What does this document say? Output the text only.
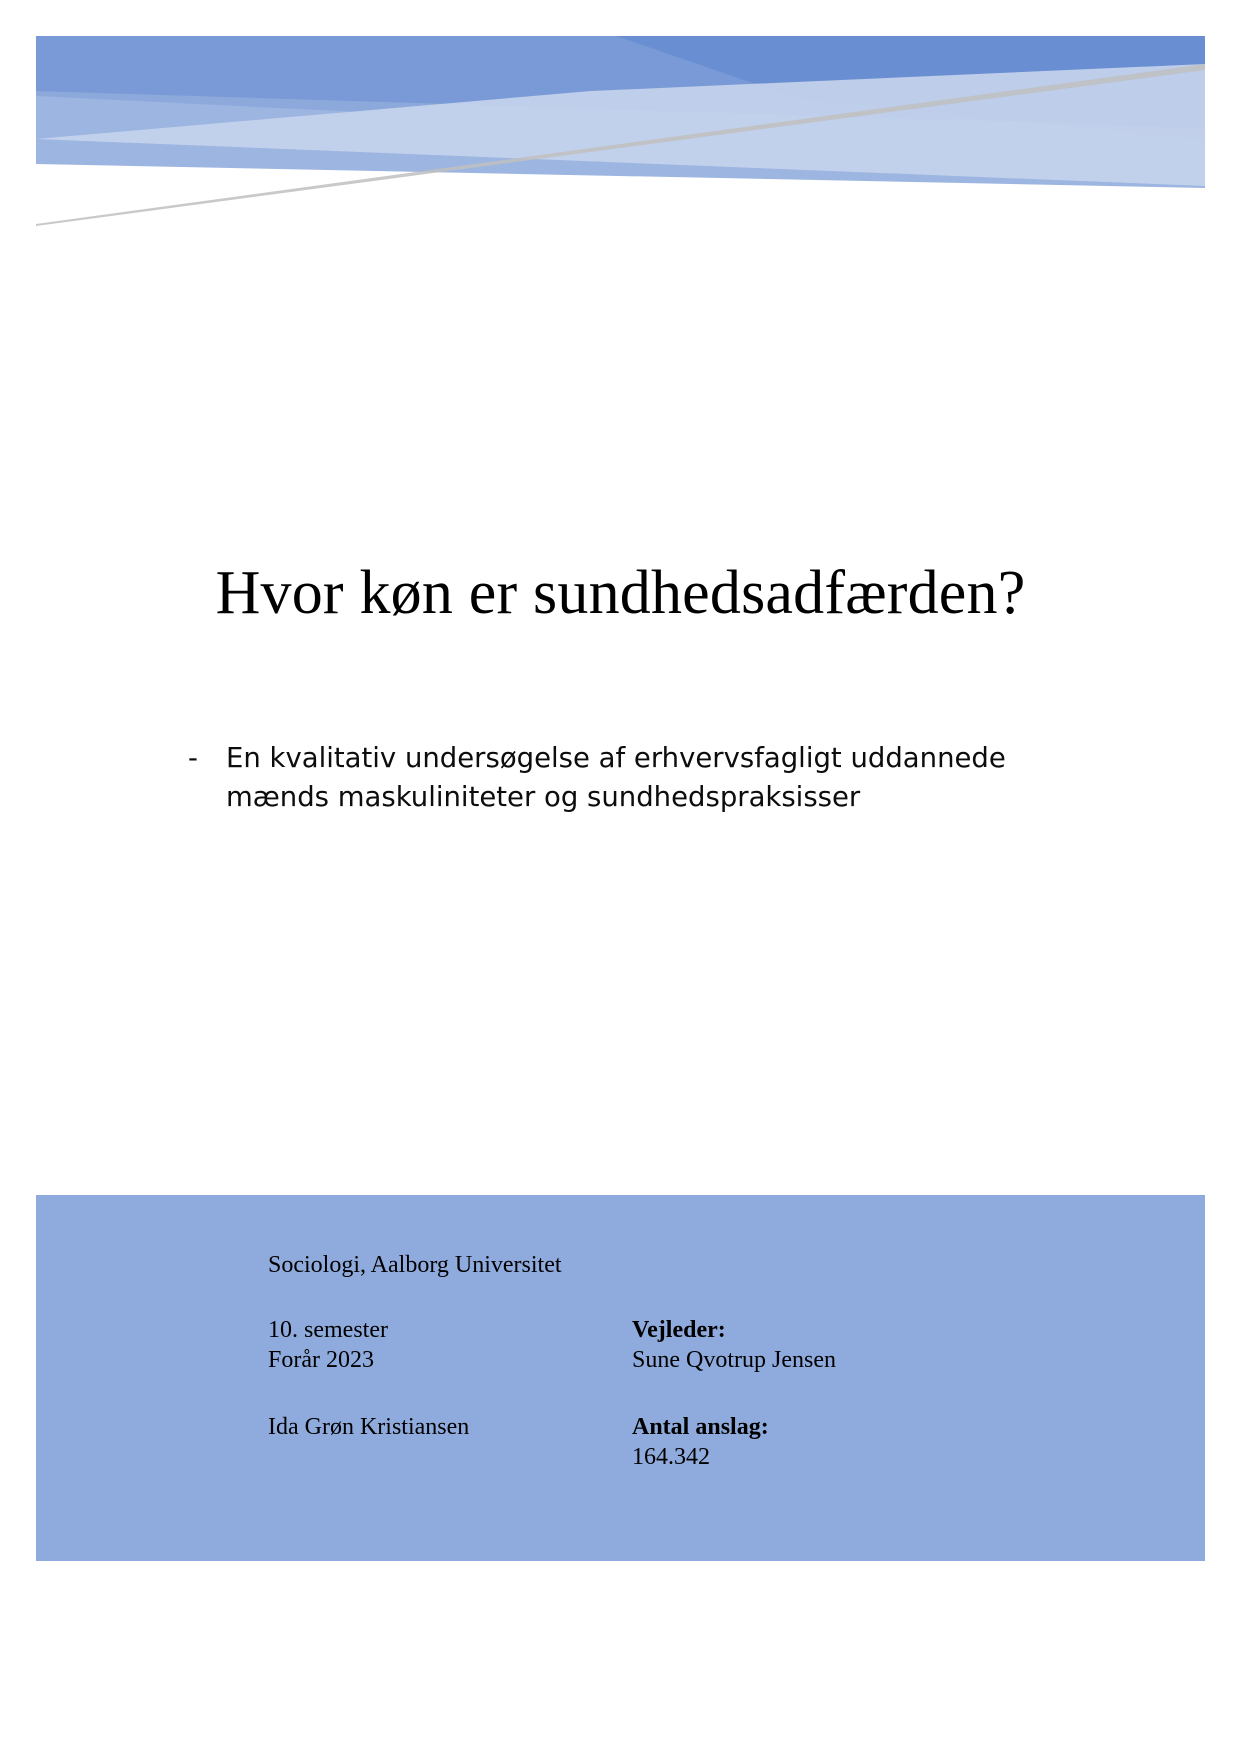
Hvor køn er sundhedsadfærden?
-	En kvalitativ undersøgelse af erhvervsfagligt uddannede
mænds maskuliniteter og sundhedspraksisser
Sociologi, Aalborg Universitet
10. semester
Forår 2023
Vejleder:
Sune Qvotrup Jensen
Ida Grøn Kristiansen	Antal anslag:
164.342
